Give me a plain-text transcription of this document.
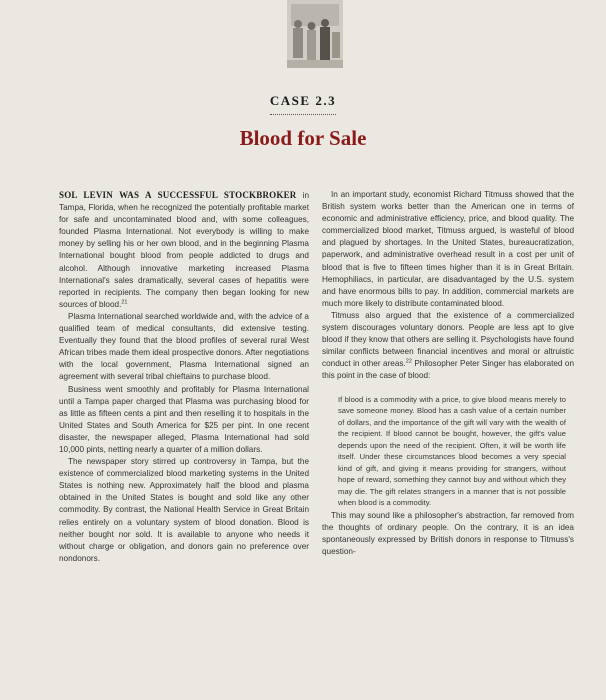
CASE 2.3
Blood for Sale

SOL LEVIN WAS A SUCCESSFUL STOCKBROKER in Tampa, Florida, when he recognized the potentially profitable market for safe and uncontaminated blood and, with some colleagues, founded Plasma International. Not everybody is willing to make money by selling his or her own blood, and in the beginning Plasma International bought blood from people addicted to drugs and alcohol. Although innovative marketing increased Plasma International's sales dramatically, several cases of hepatitis were reported in recipients. The company then began looking for new sources of blood.$^{21}$

Plasma International searched worldwide and, with the advice of a qualified team of medical consultants, did extensive testing. Eventually they found that the blood profiles of several rural West African tribes made them ideal prospective donors. After negotiations with the local government, Plasma International signed an agreement with several tribal chieftains to purchase blood.

Business went smoothly and profitably for Plasma International until a Tampa paper charged that Plasma was purchasing blood for as little as fifteen cents a pint and then reselling it to hospitals in the United States and South America for $25 per pint. In one recent disaster, the newspaper alleged, Plasma International had sold 10,000 pints, netting nearly a quarter of a million dollars.

The newspaper story stirred up controversy in Tampa, but the existence of commercialized blood marketing systems in the United States is nothing new. Approximately half the blood and plasma obtained in the United States is bought and sold like any other commodity. By contrast, the National Health Service in Great Britain relies entirely on a voluntary system of blood donation. Blood is neither bought nor sold. It is available to anyone who needs it without charge or obligation, and donors gain no preference over nondonors.

In an important study, economist Richard Titmuss showed that the British system works better than the American one in terms of economic and administrative efficiency, price, and blood quality. The commercialized blood market, Titmuss argued, is wasteful of blood and plagued by shortages. In the United States, bureaucratization, paperwork, and administrative overhead result in a cost per unit of blood that is five to fifteen times higher than it is in Great Britain. Hemophiliacs, in particular, are disadvantaged by the U.S. system and have enormous bills to pay. In addition, commercial markets are much more likely to distribute contaminated blood.

Titmuss also argued that the existence of a commercialized system discourages voluntary donors. People are less apt to give blood if they know that others are selling it. Psychologists have found similar conflicts between financial incentives and moral or altruistic conduct in other areas.$^{22}$ Philosopher Peter Singer has elaborated on this point in the case of blood:

If blood is a commodity with a price, to give blood means merely to save someone money. Blood has a cash value of a certain number of dollars, and the importance of the gift will vary with the wealth of the recipient. If blood cannot be bought, however, the gift's value depends upon the need of the recipient. Often, it will be worth life itself. Under these circumstances blood becomes a very special kind of gift, and giving it means providing for strangers, without hope of reward, something they cannot buy and without which they may die. The gift relates strangers in a manner that is not possible when blood is a commodity.

This may sound like a philosopher's abstraction, far removed from the thoughts of ordinary people. On the contrary, it is an idea spontaneously expressed by British donors in response to Titmuss's question-
